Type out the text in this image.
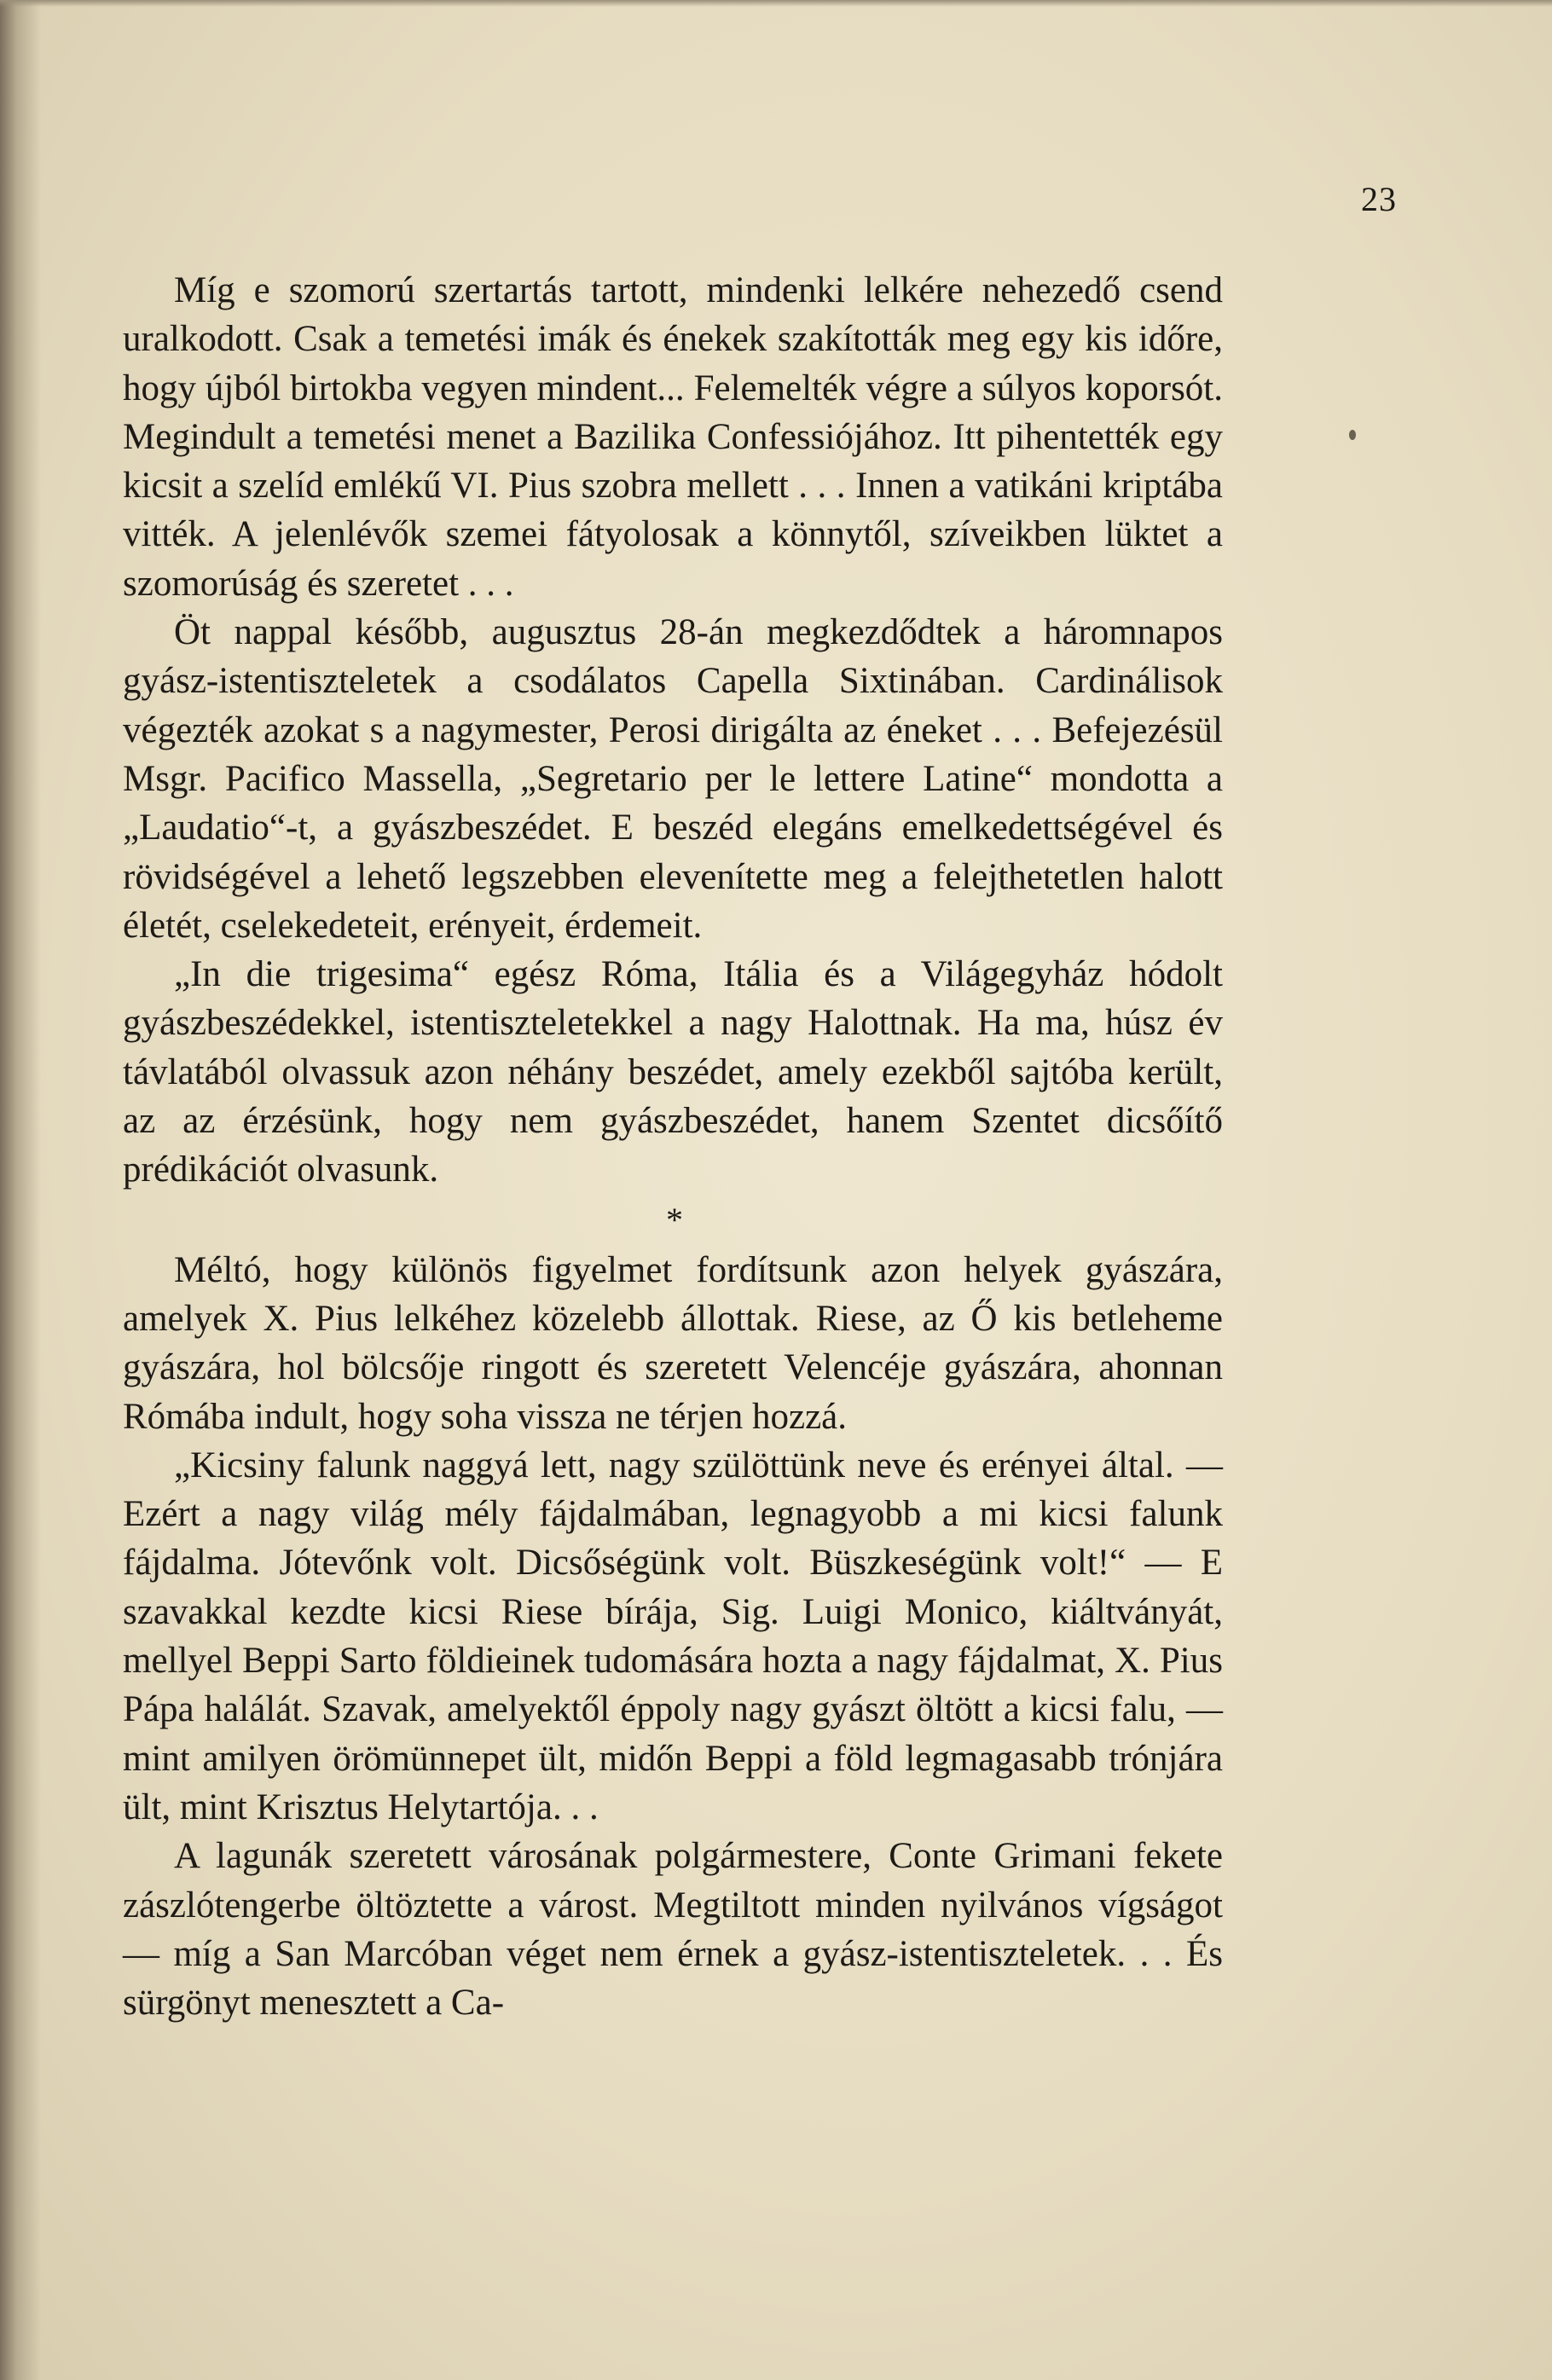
23

Míg e szomorú szertartás tartott, mindenki lelkére nehezedő csend uralkodott. Csak a temetési imák és énekek szakították meg egy kis időre, hogy újból birtokba vegyen mindent... Felemelték végre a súlyos koporsót. Megindult a temetési menet a Bazilika Confessiójához. Itt pihentették egy kicsit a szelíd emlékű VI. Pius szobra mellett . . . Innen a vatikáni kriptába vitték. A jelenlévők szemei fátyolosak a könnytől, szíveikben lüktet a szomorúság és szeretet . . .

Öt nappal később, augusztus 28-án megkezdődtek a háromnapos gyász-istentiszteletek a csodálatos Capella Sixtinában. Cardinálisok végezték azokat s a nagymester, Perosi dirigálta az éneket . . . Befejezésül Msgr. Pacifico Massella, „Segretario per le lettere Latine“ mondotta a „Laudatio“-t, a gyászbeszédet. E beszéd elegáns emelkedettségével és rövidségével a lehető legszebben elevenítette meg a felejthetetlen halott életét, cselekedeteit, erényeit, érdemeit.

„In die trigesima“ egész Róma, Itália és a Világegyház hódolt gyászbeszédekkel, istentiszteletekkel a nagy Halottnak. Ha ma, húsz év távlatából olvassuk azon néhány beszédet, amely ezekből sajtóba került, az az érzésünk, hogy nem gyászbeszédet, hanem Szentet dicsőítő prédikációt olvasunk.

*

Méltó, hogy különös figyelmet fordítsunk azon helyek gyászára, amelyek X. Pius lelkéhez közelebb állottak. Riese, az Ő kis betleheme gyászára, hol bölcsője ringott és szeretett Velencéje gyászára, ahonnan Rómába indult, hogy soha vissza ne térjen hozzá.

„Kicsiny falunk naggyá lett, nagy szülöttünk neve és erényei által. — Ezért a nagy világ mély fájdalmában, legnagyobb a mi kicsi falunk fájdalma. Jótevőnk volt. Dicsőségünk volt. Büszkeségünk volt!“ — E szavakkal kezdte kicsi Riese bírája, Sig. Luigi Monico, kiáltványát, mellyel Beppi Sarto földieinek tudomására hozta a nagy fájdalmat, X. Pius Pápa halálát. Szavak, amelyektől éppoly nagy gyászt öltött a kicsi falu, — mint amilyen örömünnepet ült, midőn Beppi a föld legmagasabb trónjára ült, mint Krisztus Helytartója. . .

A lagunák szeretett városának polgármestere, Conte Grimani fekete zászlótengerbe öltöztette a várost. Megtiltott minden nyilvános vígságot — míg a San Marcóban véget nem érnek a gyász-istentiszteletek. . . És sürgönyt menesztett a Ca-
